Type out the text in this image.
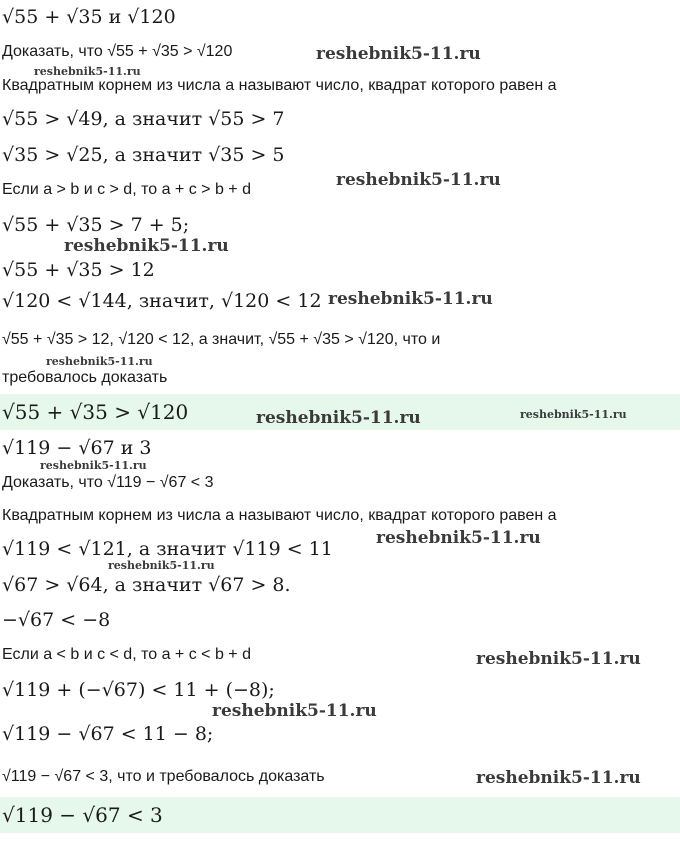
√55 + √35 и √120
Доказать, что √55 + √35 > √120
Квадратным корнем из числа a называют число, квадрат которого равен a
√55 > √49, а значит √55 > 7
√35 > √25, а значит √35 > 5
Если a > b и c > d, то a + c > b + d
√55 + √35 > 7 + 5;
√55 + √35 > 12
√120 < √144, значит, √120 < 12
√55 + √35 > 12, √120 < 12, а значит, √55 + √35 > √120, что и
требовалось доказать
√55 + √35 > √120
√119 − √67 и 3
Доказать, что √119 − √67 < 3
Квадратным корнем из числа a называют число, квадрат которого равен a
√119 < √121, а значит √119 < 11
√67 > √64, а значит √67 > 8.
−√67 < −8
Если a < b и c < d, то a + c < b + d
√119 + (−√67) < 11 + (−8);
√119 − √67 < 11 − 8;
√119 − √67 < 3, что и требовалось доказать
√119 − √67 < 3
reshebnik5-11.ru
reshebnik5-11.ru
reshebnik5-11.ru
reshebnik5-11.ru
reshebnik5-11.ru
reshebnik5-11.ru
reshebnik5-11.ru	reshebnik5-11.ru
reshebnik5-11.ru
reshebnik5-11.ru
reshebnik5-11.ru
reshebnik5-11.ru
reshebnik5-11.ru
reshebnik5-11.ru
